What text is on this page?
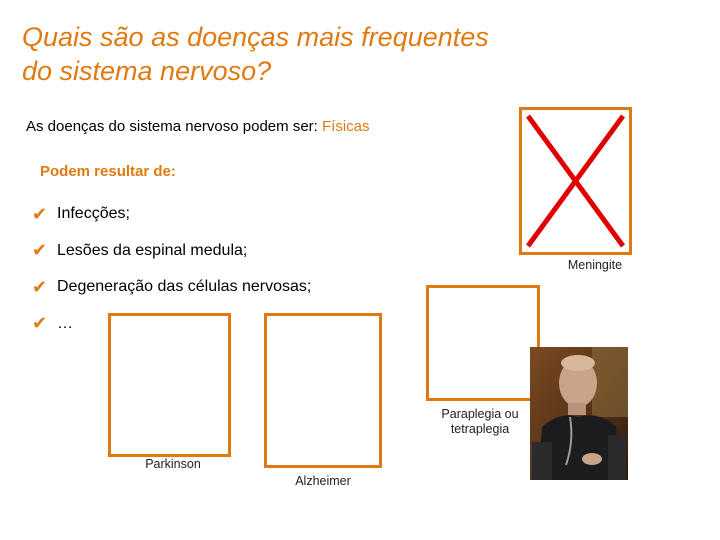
Quais são as doenças mais frequentes
do sistema nervoso?
As doenças do sistema nervoso podem ser: Físicas
Podem resultar de:
✔ Infecções;
✔ Lesões da espinal medula;
✔ Degeneração das células nervosas;
✔ …
Meningite
Paraplegia ou
tetraplegia
Parkinson
Alzheimer
